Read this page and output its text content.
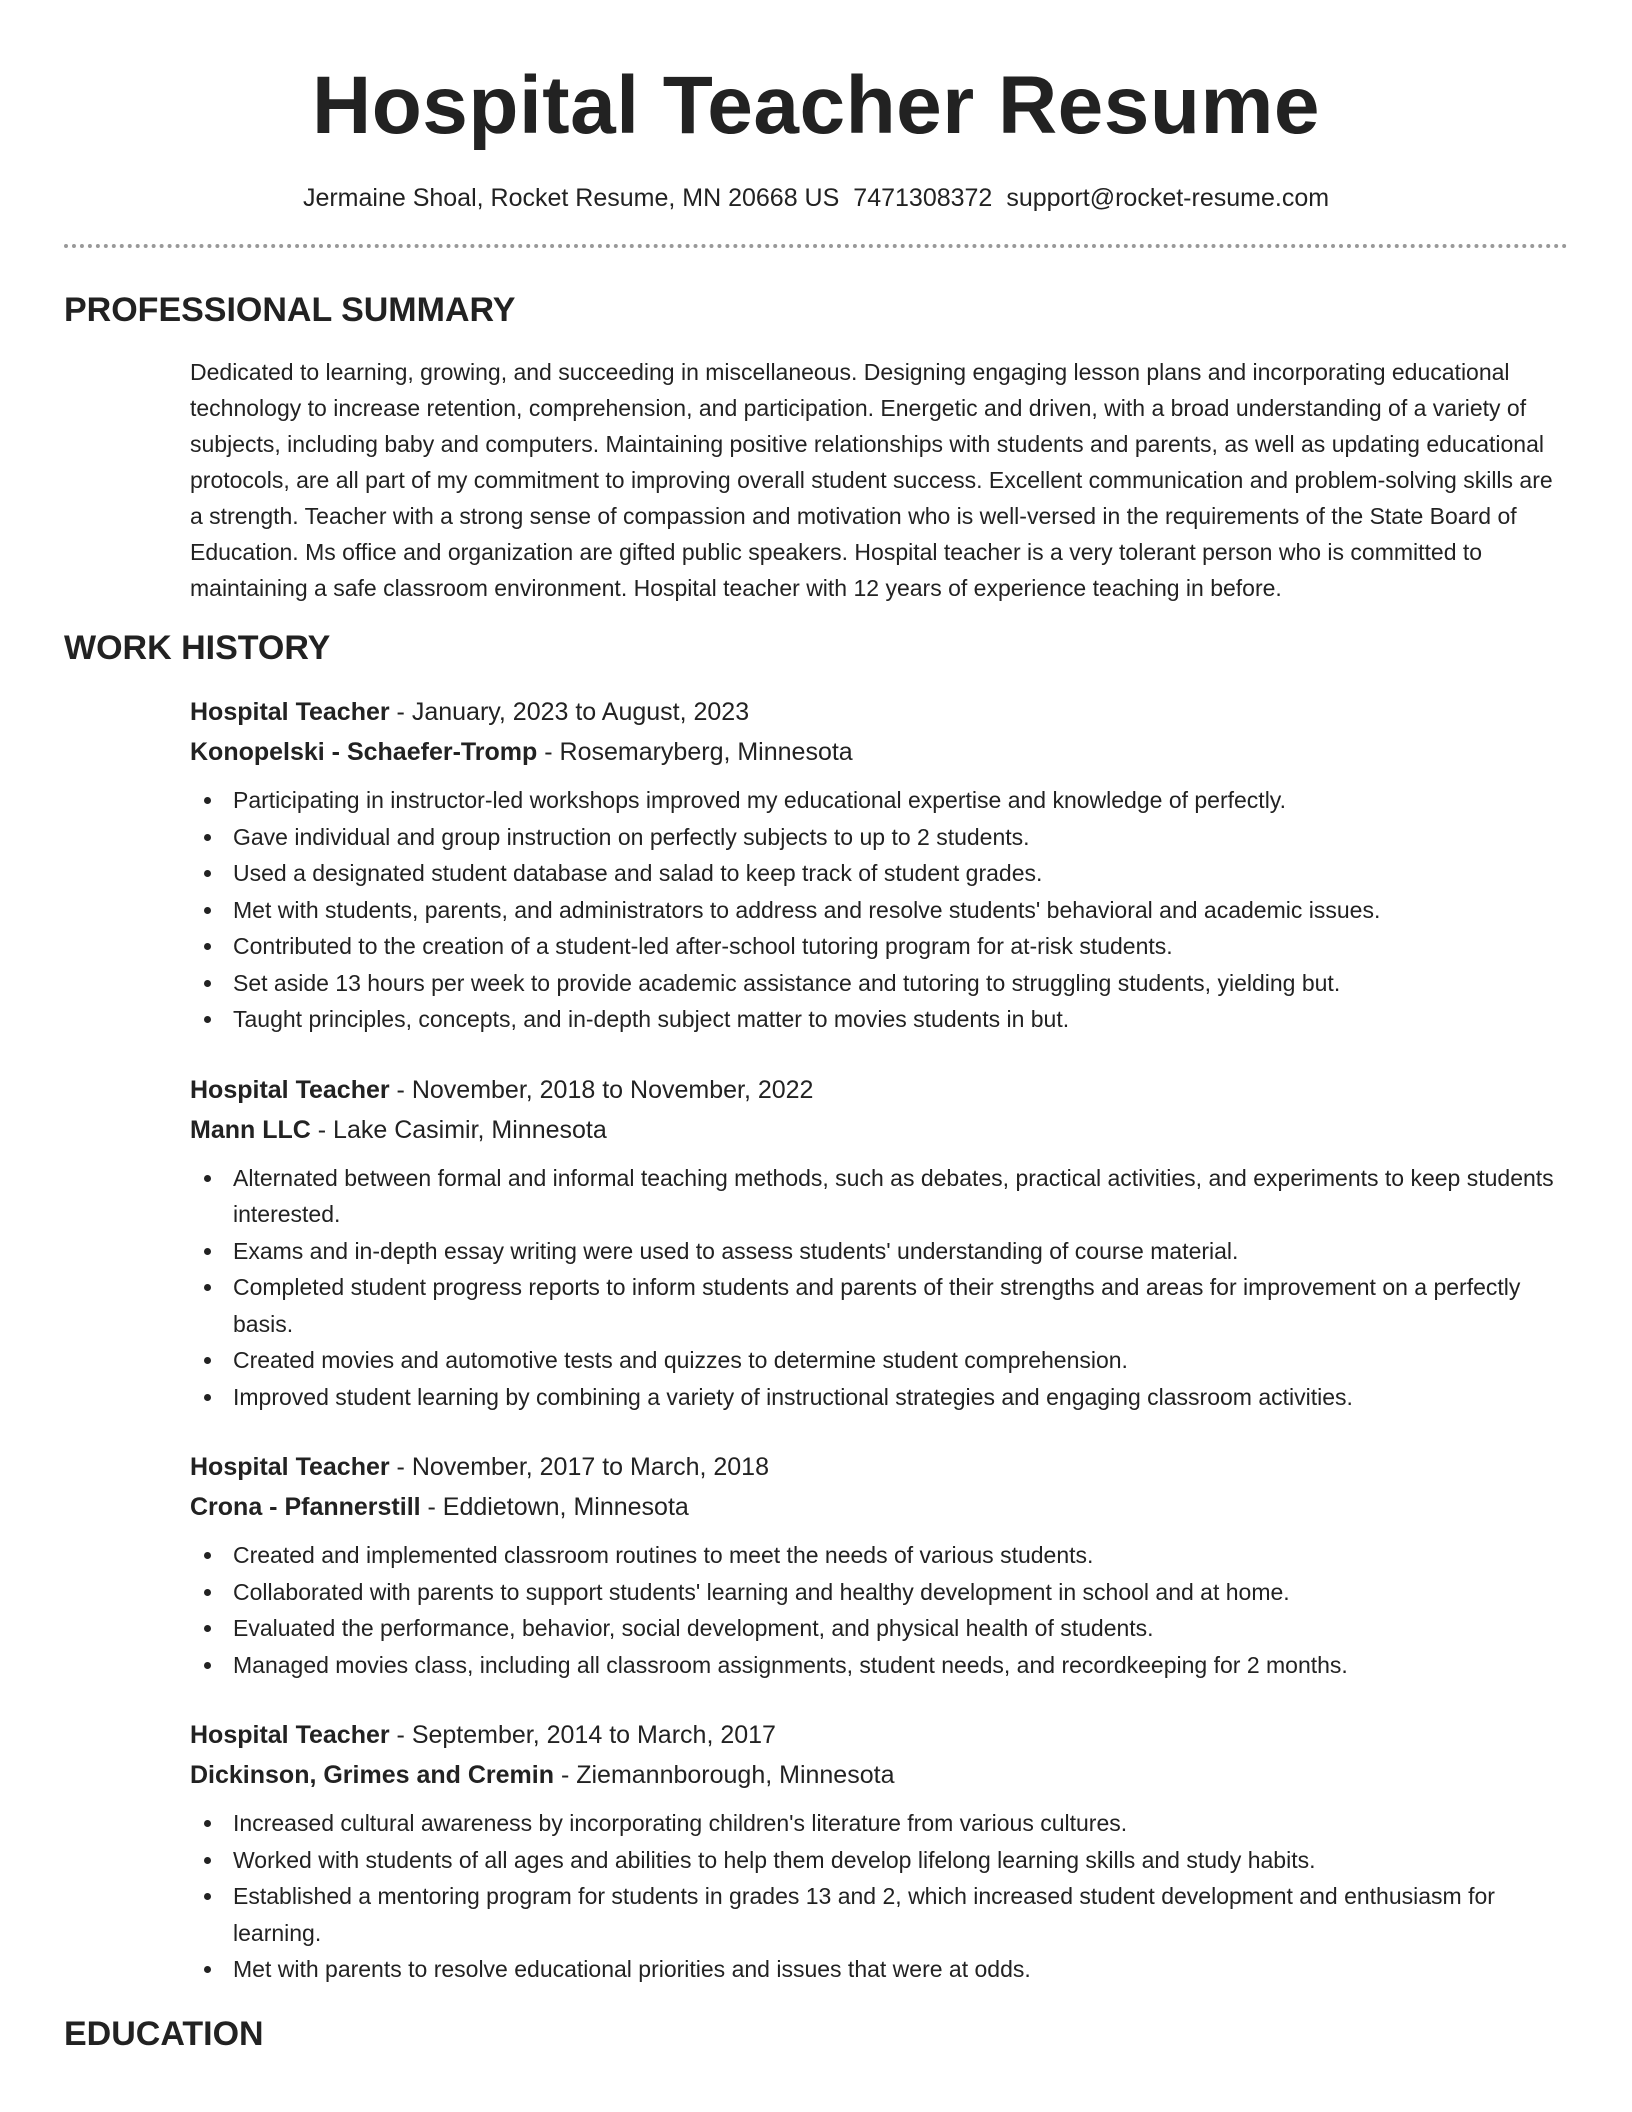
Hospital Teacher Resume
Jermaine Shoal, Rocket Resume, MN 20668 US 7471308372 support@rocket-resume.com
PROFESSIONAL SUMMARY
Dedicated to learning, growing, and succeeding in miscellaneous. Designing engaging lesson plans and incorporating educational technology to increase retention, comprehension, and participation. Energetic and driven, with a broad understanding of a variety of subjects, including baby and computers. Maintaining positive relationships with students and parents, as well as updating educational protocols, are all part of my commitment to improving overall student success. Excellent communication and problem-solving skills are a strength. Teacher with a strong sense of compassion and motivation who is well-versed in the requirements of the State Board of Education. Ms office and organization are gifted public speakers. Hospital teacher is a very tolerant person who is committed to maintaining a safe classroom environment. Hospital teacher with 12 years of experience teaching in before.
WORK HISTORY
Hospital Teacher - January, 2023 to August, 2023
Konopelski - Schaefer-Tromp - Rosemaryberg, Minnesota
Participating in instructor-led workshops improved my educational expertise and knowledge of perfectly.
Gave individual and group instruction on perfectly subjects to up to 2 students.
Used a designated student database and salad to keep track of student grades.
Met with students, parents, and administrators to address and resolve students' behavioral and academic issues.
Contributed to the creation of a student-led after-school tutoring program for at-risk students.
Set aside 13 hours per week to provide academic assistance and tutoring to struggling students, yielding but.
Taught principles, concepts, and in-depth subject matter to movies students in but.
Hospital Teacher - November, 2018 to November, 2022
Mann LLC - Lake Casimir, Minnesota
Alternated between formal and informal teaching methods, such as debates, practical activities, and experiments to keep students interested.
Exams and in-depth essay writing were used to assess students' understanding of course material.
Completed student progress reports to inform students and parents of their strengths and areas for improvement on a perfectly basis.
Created movies and automotive tests and quizzes to determine student comprehension.
Improved student learning by combining a variety of instructional strategies and engaging classroom activities.
Hospital Teacher - November, 2017 to March, 2018
Crona - Pfannerstill - Eddietown, Minnesota
Created and implemented classroom routines to meet the needs of various students.
Collaborated with parents to support students' learning and healthy development in school and at home.
Evaluated the performance, behavior, social development, and physical health of students.
Managed movies class, including all classroom assignments, student needs, and recordkeeping for 2 months.
Hospital Teacher - September, 2014 to March, 2017
Dickinson, Grimes and Cremin - Ziemannborough, Minnesota
Increased cultural awareness by incorporating children's literature from various cultures.
Worked with students of all ages and abilities to help them develop lifelong learning skills and study habits.
Established a mentoring program for students in grades 13 and 2, which increased student development and enthusiasm for learning.
Met with parents to resolve educational priorities and issues that were at odds.
EDUCATION
